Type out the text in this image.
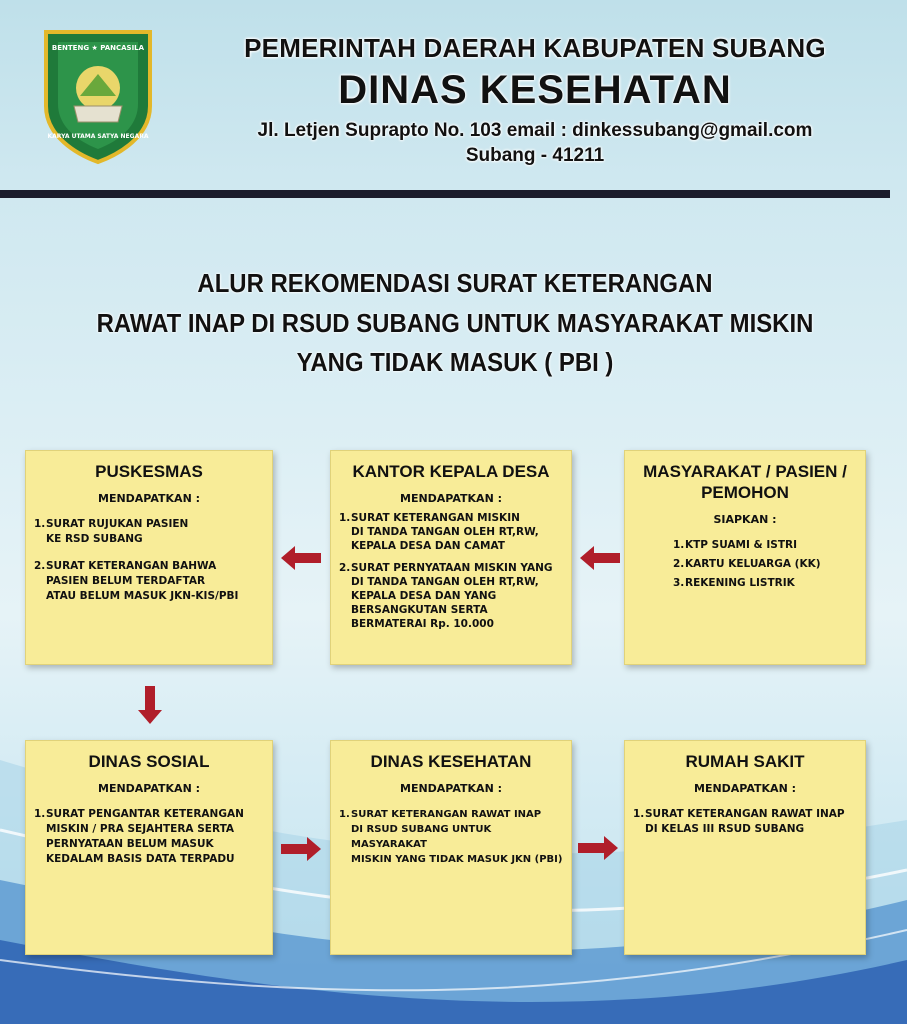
BENTENG ★ PANCASILA
KARYA UTAMA SATYA NEGARA
PEMERINTAH DAERAH KABUPATEN SUBANG
DINAS KESEHATAN
Jl. Letjen Suprapto No. 103 email : dinkessubang@gmail.com
Subang - 41211
ALUR REKOMENDASI SURAT KETERANGAN
RAWAT INAP DI RSUD SUBANG UNTUK MASYARAKAT MISKIN
YANG TIDAK MASUK ( PBI )
PUSKESMAS
MENDAPATKAN :
1. SURAT RUJUKAN PASIEN
KE RSD SUBANG
2. SURAT KETERANGAN BAHWA
PASIEN BELUM TERDAFTAR
ATAU BELUM MASUK JKN-KIS/PBI
KANTOR KEPALA DESA
MENDAPATKAN :
1. SURAT KETERANGAN MISKIN
DI TANDA TANGAN OLEH RT,RW,
KEPALA DESA DAN CAMAT
2. SURAT PERNYATAAN MISKIN YANG
DI TANDA TANGAN OLEH RT,RW,
KEPALA DESA DAN YANG
BERSANGKUTAN SERTA
BERMATERAI Rp. 10.000
MASYARAKAT / PASIEN /
PEMOHON
SIAPKAN :
1. KTP SUAMI & ISTRI
2. KARTU KELUARGA (KK)
3. REKENING LISTRIK
DINAS SOSIAL
MENDAPATKAN :
1. SURAT PENGANTAR KETERANGAN
MISKIN / PRA SEJAHTERA SERTA
PERNYATAAN BELUM MASUK
KEDALAM BASIS DATA TERPADU
DINAS KESEHATAN
MENDAPATKAN :
1. SURAT KETERANGAN RAWAT INAP
DI RSUD SUBANG UNTUK MASYARAKAT
MISKIN YANG TIDAK MASUK JKN (PBI)
RUMAH SAKIT
MENDAPATKAN :
1. SURAT KETERANGAN RAWAT INAP
DI KELAS III RSUD SUBANG
